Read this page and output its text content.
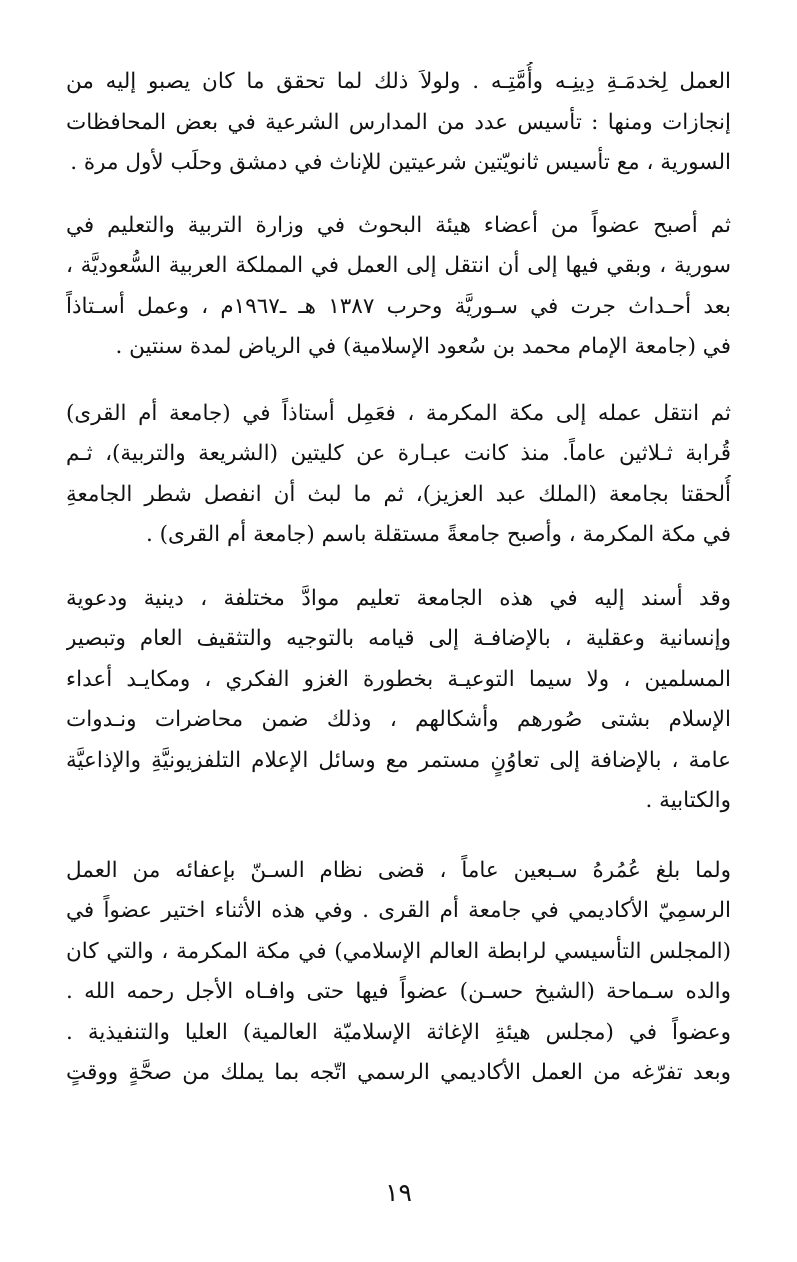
العمل لِخدمَـةِ دِينِـه وأُمَّتِـه . ولولاَ ذلك لما تحقق ما كان يصبو إليه من
إنجازات ومنها : تأسيس عدد من المدارس الشرعية في بعض المحافظات
السورية ، مع تأسيس ثانويّتين شرعيتين للإناث في دمشق وحلَب لأول مرة .
ثم أصبح عضواً من أعضاء هيئة البحوث في وزارة التربية والتعليم في
سورية ، وبقي فيها إلى أن انتقل إلى العمل في المملكة العربية السُّعوديَّة ،
بعد أحـداث جرت في سـوريَّة وحرب ١٣٨٧ هـ ـ١٩٦٧م ، وعمل أسـتاذاً
في (جامعة الإمام محمد بن سُعود الإسلامية) في الرياض لمدة سنتين .
ثم انتقل عمله إلى مكة المكرمة ، فعَمِل أستاذاً في (جامعة أم القرى)
قُرابة ثـلاثين عاماً. منذ كانت عبـارة عن كليتين (الشريعة والتربية)، ثـم
أُلحقتا بجامعة (الملك عبد العزيز)، ثم ما لبث أن انفصل شطر الجامعةِ
في مكة المكرمة ، وأصبح جامعةً مستقلة باسم (جامعة أم القرى) .
وقد أسند إليه في هذه الجامعة تعليم موادَّ مختلفة ، دينية ودعوية
وإنسانية وعقلية ، بالإضافـة إلى قيامه بالتوجيه والتثقيف العام وتبصير
المسلمين ، ولا سيما التوعيـة بخطورة الغزو الفكري ، ومكايـد أعداء
الإسلام بشتى صُورهم وأشكالهم ، وذلك ضمن محاضرات ونـدوات
عامة ، بالإضافة إلى تعاوُنٍ مستمر مع وسائل الإعلام التلفزيونيَّةِ والإذاعيَّة
والكتابية .
ولما بلغ عُمُرهُ سـبعين عاماً ، قضى نظام السـنّ بإعفائه من العمل
الرسمِيّ الأكاديمي في جامعة أم القرى . وفي هذه الأثناء اختير عضواً في
(المجلس التأسيسي لرابطة العالم الإسلامي) في مكة المكرمة ، والتي كان
والده سـماحة (الشيخ حسـن) عضواً فيها حتى وافـاه الأجل رحمه الله .
وعضواً في (مجلس هيئةِ الإغاثة الإسلاميّة العالمية) العليا والتنفيذية .
وبعد تفرّغه من العمل الأكاديمي الرسمي اتّجه بما يملك من صحَّةٍ ووقتٍ
١٩
